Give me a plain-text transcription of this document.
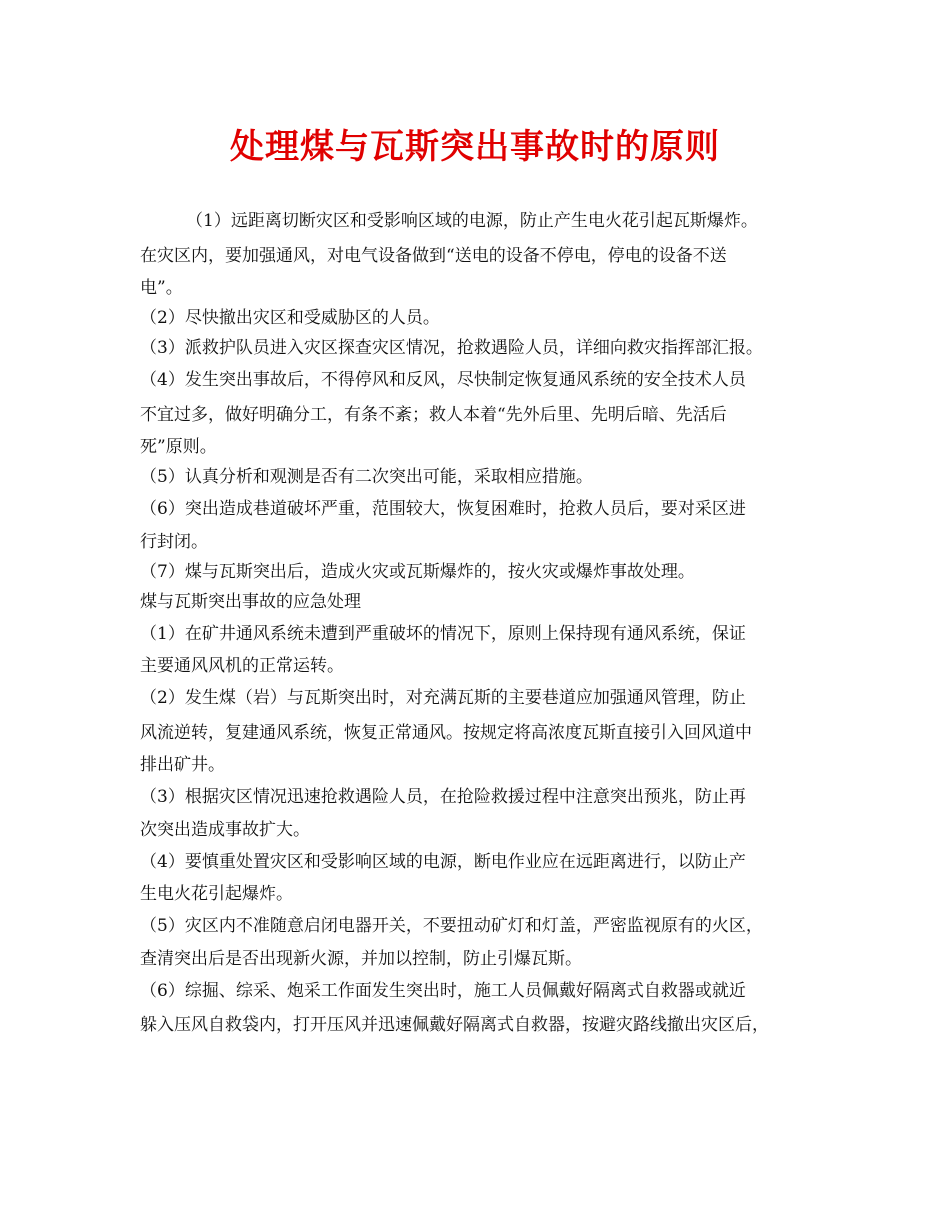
处理煤与瓦斯突出事故时的原则
（1）远距离切断灾区和受影响区域的电源，防止产生电火花引起瓦斯爆炸。
在灾区内，要加强通风，对电气设备做到“送电的设备不停电，停电的设备不送
电”。
（2）尽快撤出灾区和受威胁区的人员。
（3）派救护队员进入灾区探查灾区情况，抢救遇险人员，详细向救灾指挥部汇报。
（4）发生突出事故后，不得停风和反风，尽快制定恢复通风系统的安全技术人员
不宜过多，做好明确分工，有条不紊；救人本着“先外后里、先明后暗、先活后
死”原则。
（5）认真分析和观测是否有二次突出可能，采取相应措施。
（6）突出造成巷道破坏严重，范围较大，恢复困难时，抢救人员后，要对采区进
行封闭。
（7）煤与瓦斯突出后，造成火灾或瓦斯爆炸的，按火灾或爆炸事故处理。
煤与瓦斯突出事故的应急处理
（1）在矿井通风系统未遭到严重破坏的情况下，原则上保持现有通风系统，保证
主要通风风机的正常运转。
（2）发生煤（岩）与瓦斯突出时，对充满瓦斯的主要巷道应加强通风管理，防止
风流逆转，复建通风系统，恢复正常通风。按规定将高浓度瓦斯直接引入回风道中
排出矿井。
（3）根据灾区情况迅速抢救遇险人员，在抢险救援过程中注意突出预兆，防止再
次突出造成事故扩大。
（4）要慎重处置灾区和受影响区域的电源，断电作业应在远距离进行，以防止产
生电火花引起爆炸。
（5）灾区内不准随意启闭电器开关，不要扭动矿灯和灯盖，严密监视原有的火区，
查清突出后是否出现新火源，并加以控制，防止引爆瓦斯。
（6）综掘、综采、炮采工作面发生突出时，施工人员佩戴好隔离式自救器或就近
躲入压风自救袋内，打开压风并迅速佩戴好隔离式自救器，按避灾路线撤出灾区后，
